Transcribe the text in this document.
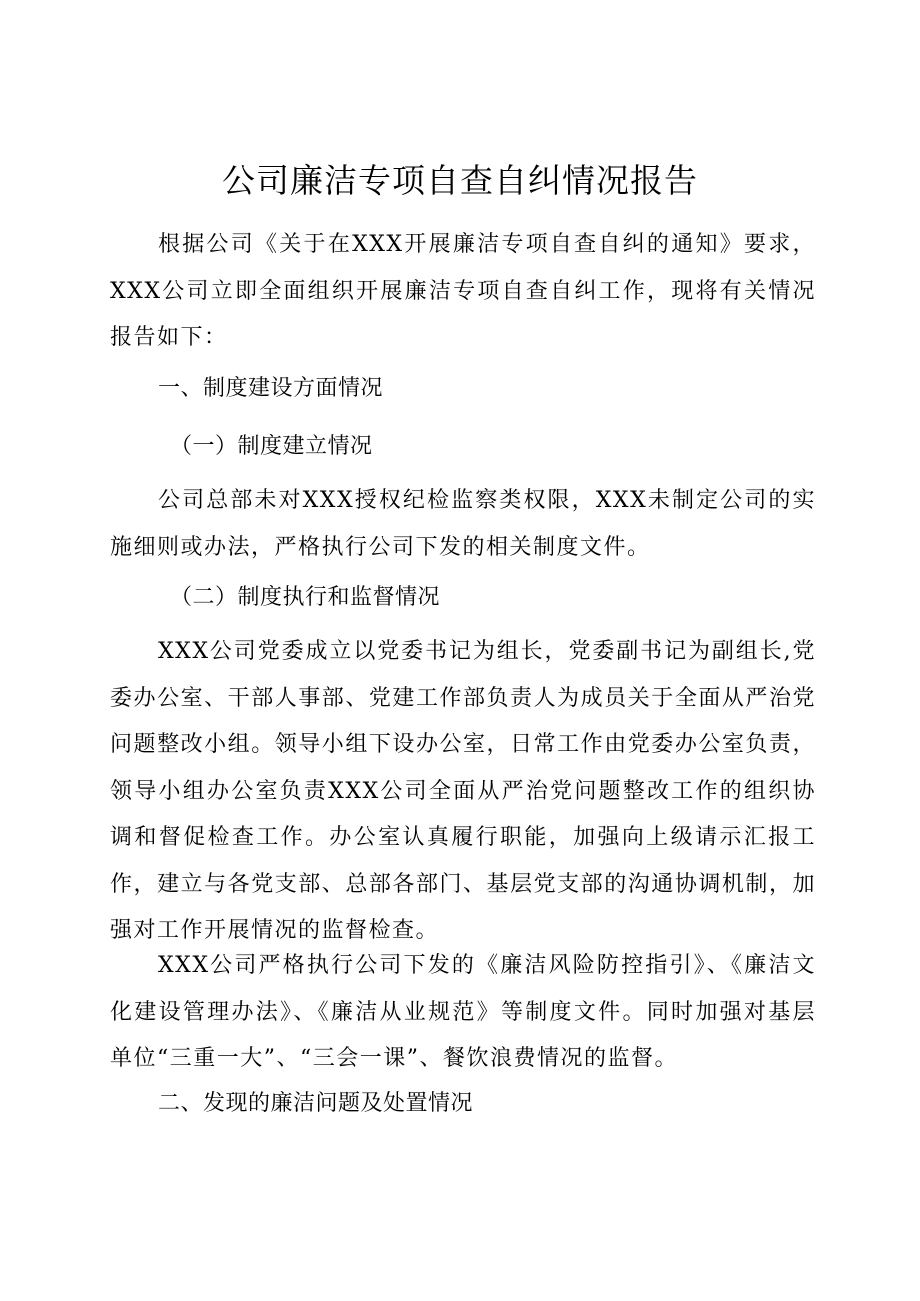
公司廉洁专项自查自纠情况报告
根据公司《关于在XXX开展廉洁专项自查自纠的通知》要求，XXX公司立即全面组织开展廉洁专项自查自纠工作，现将有关情况报告如下：
一、制度建设方面情况
（一）制度建立情况
公司总部未对XXX授权纪检监察类权限，XXX未制定公司的实施细则或办法，严格执行公司下发的相关制度文件。
（二）制度执行和监督情况
XXX公司党委成立以党委书记为组长，党委副书记为副组长,党委办公室、干部人事部、党建工作部负责人为成员关于全面从严治党问题整改小组。领导小组下设办公室，日常工作由党委办公室负责，领导小组办公室负责XXX公司全面从严治党问题整改工作的组织协调和督促检查工作。办公室认真履行职能，加强向上级请示汇报工作，建立与各党支部、总部各部门、基层党支部的沟通协调机制，加强对工作开展情况的监督检查。
XXX公司严格执行公司下发的《廉洁风险防控指引》、《廉洁文化建设管理办法》、《廉洁从业规范》等制度文件。同时加强对基层单位“三重一大”、“三会一课”、餐饮浪费情况的监督。
二、发现的廉洁问题及处置情况
